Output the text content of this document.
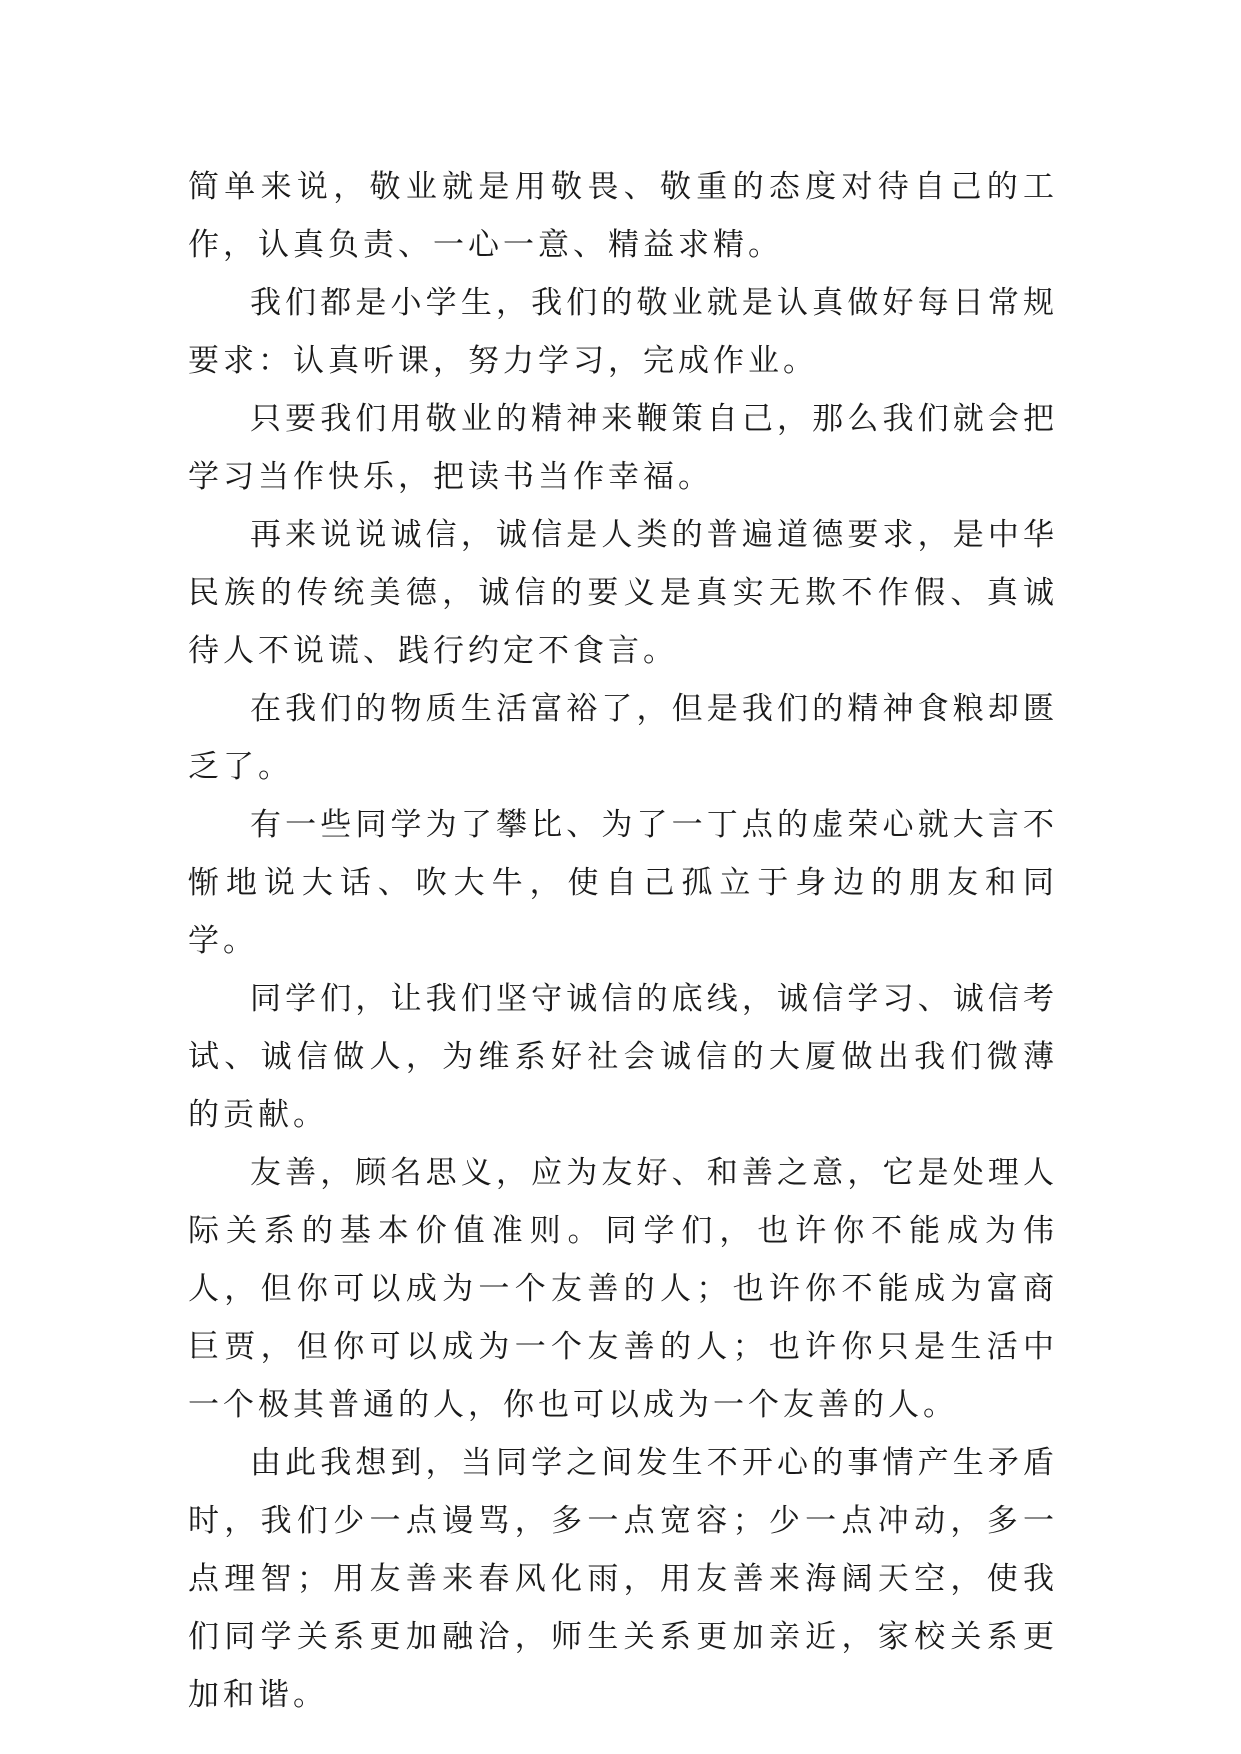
简单来说，敬业就是用敬畏、敬重的态度对待自己的工作，认真负责、一心一意、精益求精。

我们都是小学生，我们的敬业就是认真做好每日常规要求：认真听课，努力学习，完成作业。

只要我们用敬业的精神来鞭策自己，那么我们就会把学习当作快乐，把读书当作幸福。

再来说说诚信，诚信是人类的普遍道德要求，是中华民族的传统美德，诚信的要义是真实无欺不作假、真诚待人不说谎、践行约定不食言。

在我们的物质生活富裕了，但是我们的精神食粮却匮乏了。

有一些同学为了攀比、为了一丁点的虚荣心就大言不惭地说大话、吹大牛，使自己孤立于身边的朋友和同学。

同学们，让我们坚守诚信的底线，诚信学习、诚信考试、诚信做人，为维系好社会诚信的大厦做出我们微薄的贡献。

友善，顾名思义，应为友好、和善之意，它是处理人际关系的基本价值准则。同学们，也许你不能成为伟人，但你可以成为一个友善的人；也许你不能成为富商巨贾，但你可以成为一个友善的人；也许你只是生活中一个极其普通的人，你也可以成为一个友善的人。

由此我想到，当同学之间发生不开心的事情产生矛盾时，我们少一点谩骂，多一点宽容；少一点冲动，多一点理智；用友善来春风化雨，用友善来海阔天空，使我们同学关系更加融洽，师生关系更加亲近，家校关系更加和谐。
